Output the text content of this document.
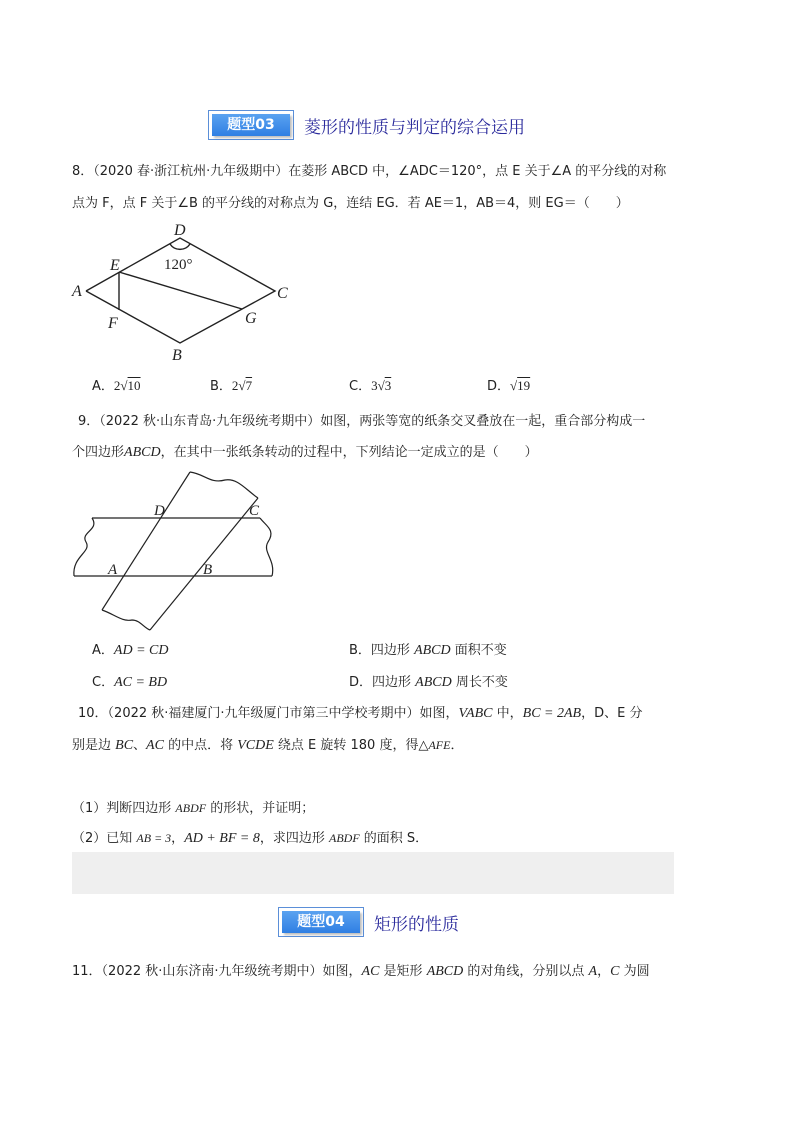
题型03	菱形的性质与判定的综合运用
8．（2020 春·浙江杭州·九年级期中）在菱形 ABCD 中，∠ADC＝120°，点 E 关于∠A 的平分线的对称
点为 F，点 F 关于∠B 的平分线的对称点为 G，连结 EG．若 AE＝1，AB＝4，则 EG＝（　　）
D
E
A
F
B
G
C
120°
A．2√10	B．2√7	C．3√3	D．√19
9．（2022 秋·山东青岛·九年级统考期中）如图，两张等宽的纸条交叉叠放在一起，重合部分构成一
个四边形ABCD，在其中一张纸条转动的过程中，下列结论一定成立的是（　　）
D	C
A	B
A．AD = CD	B．四边形 ABCD 面积不变
C．AC = BD	D．四边形 ABCD 周长不变
10．（2022 秋·福建厦门·九年级厦门市第三中学校考期中）如图，VABC 中，BC = 2AB，D、E 分
别是边 BC、AC 的中点．将 VCDE 绕点 E 旋转 180 度，得△AFE．
（1）判断四边形 ABDF 的形状，并证明；
（2）已知 AB = 3，AD + BF = 8，求四边形 ABDF 的面积 S．
题型04	矩形的性质
11．（2022 秋·山东济南·九年级统考期中）如图，AC 是矩形 ABCD 的对角线，分别以点 A，C 为圆
